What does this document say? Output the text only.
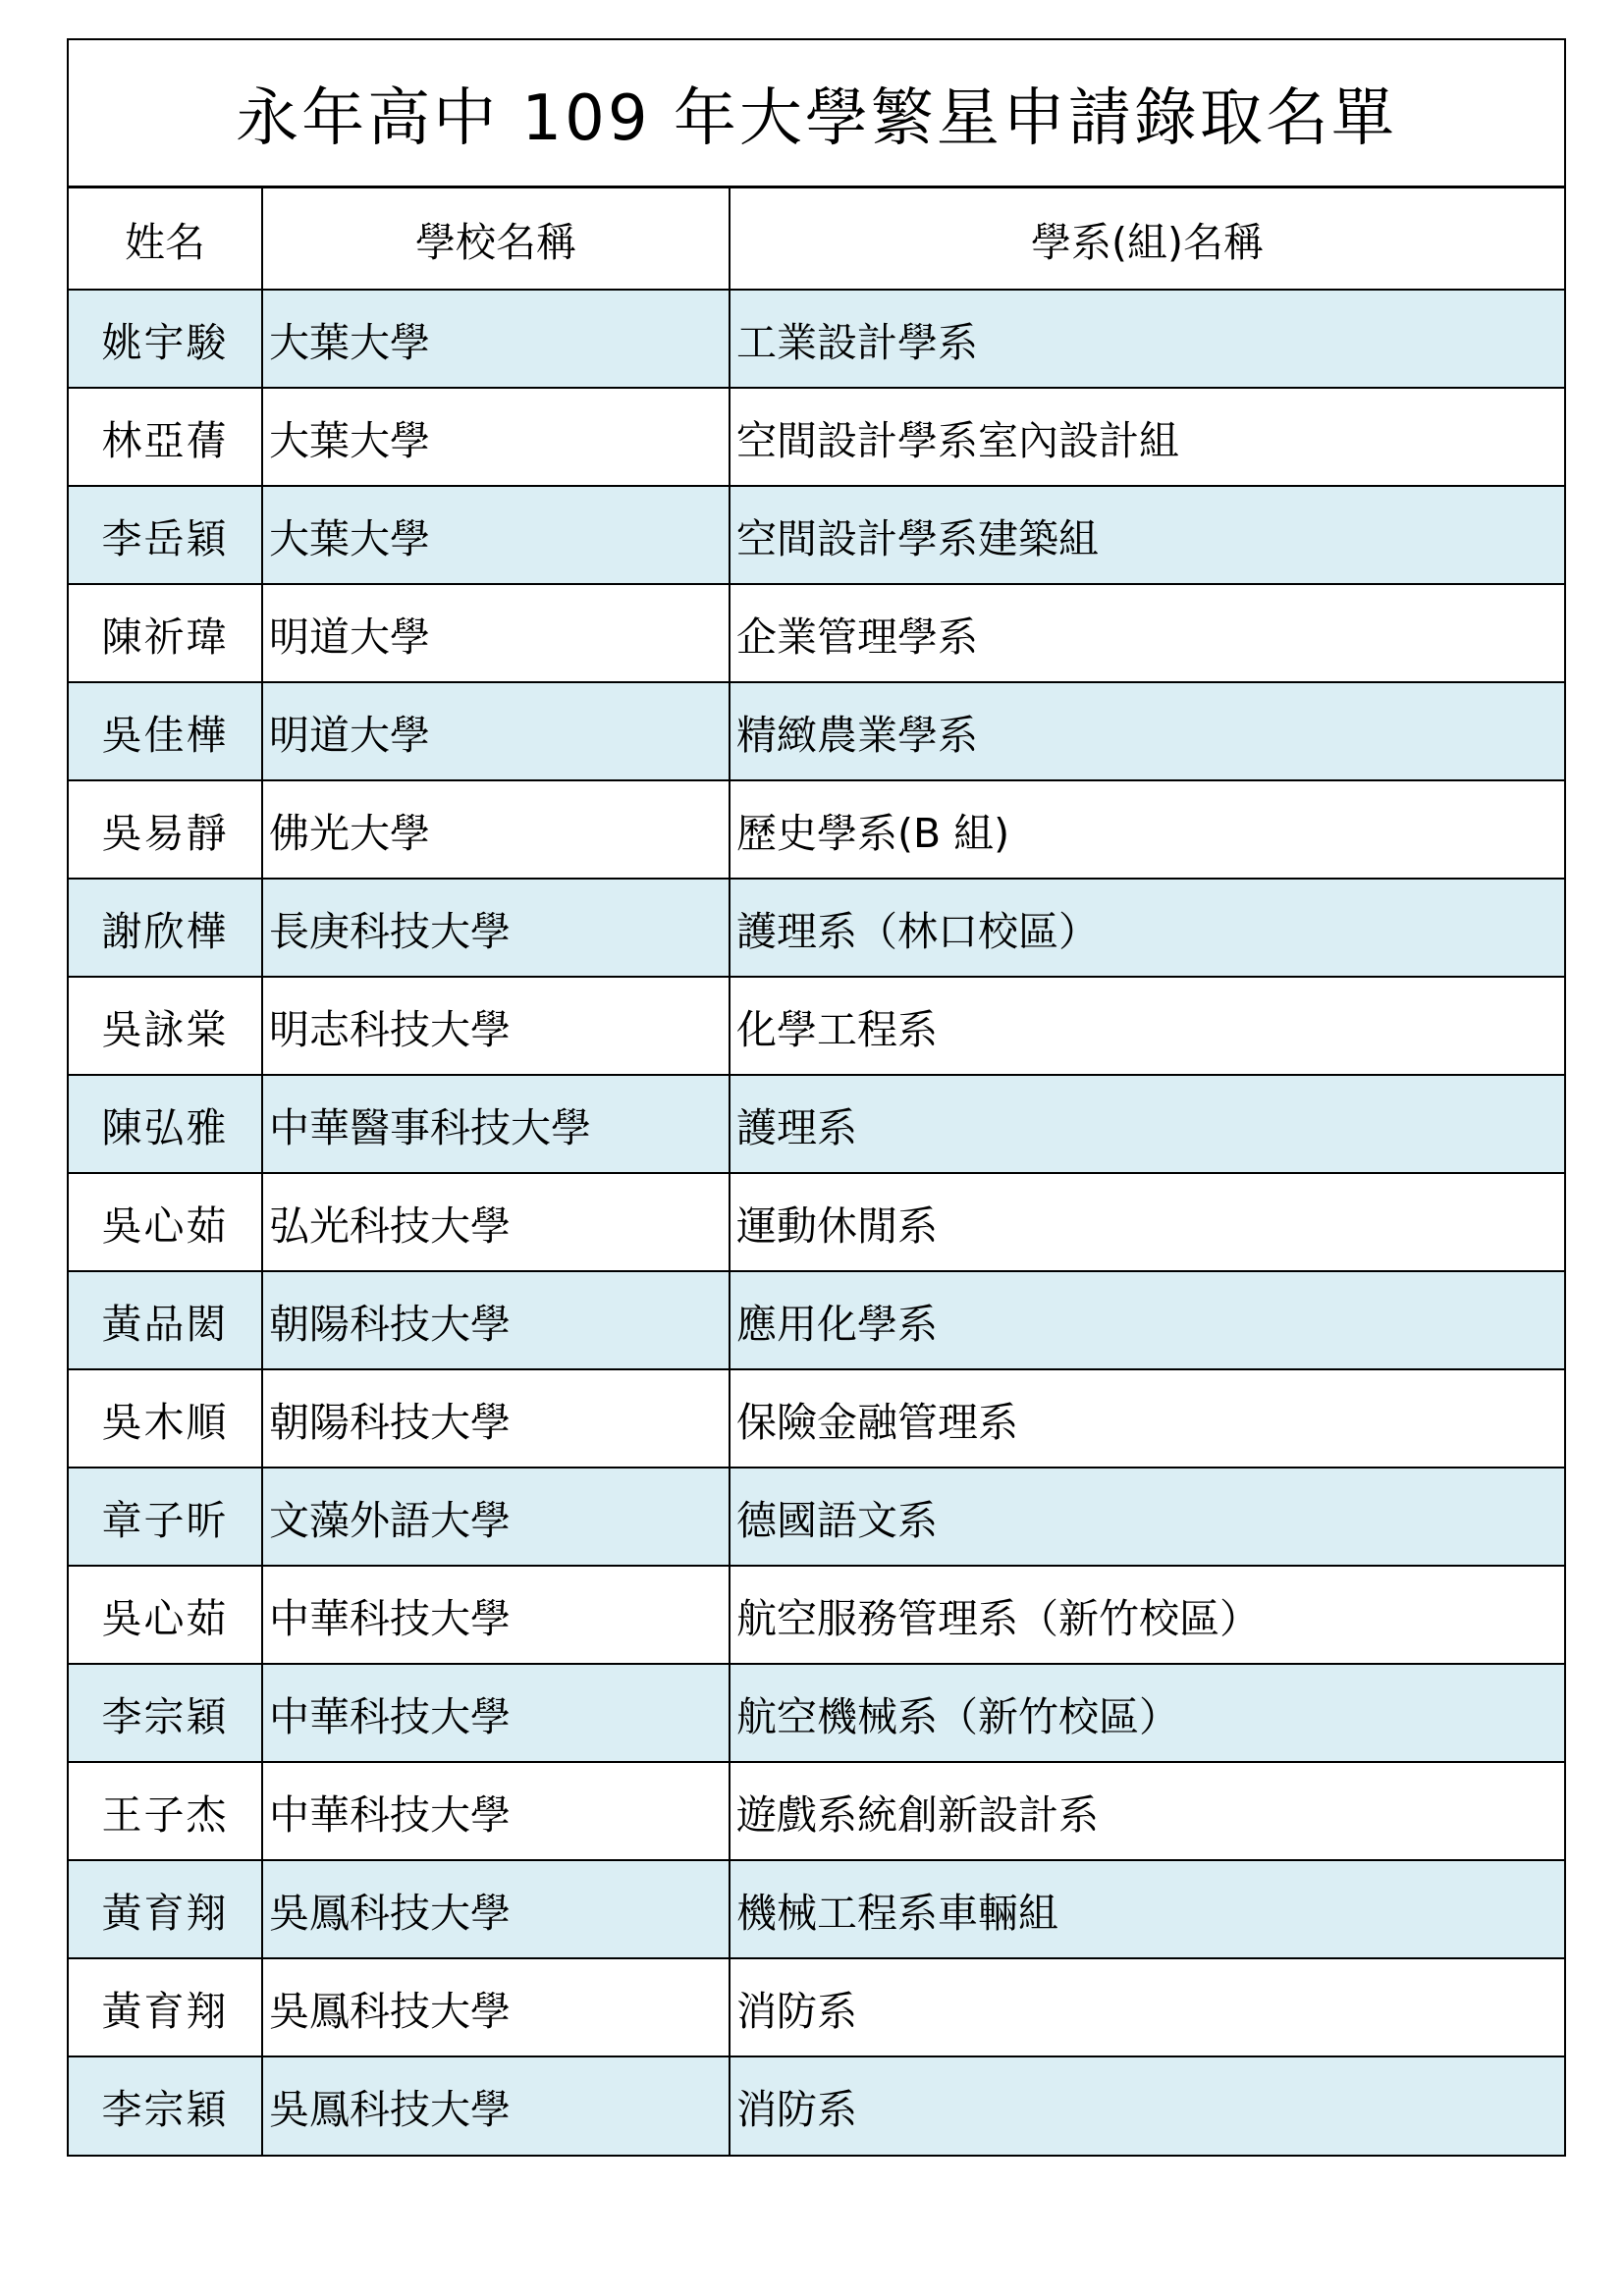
永年高中 109 年大學繁星申請錄取名單
姓名	學校名稱	學系(組)名稱
姚宇駿	大葉大學	工業設計學系
林亞蒨	大葉大學	空間設計學系室內設計組
李岳穎	大葉大學	空間設計學系建築組
陳祈瑋	明道大學	企業管理學系
吳佳樺	明道大學	精緻農業學系
吳易靜	佛光大學	歷史學系(B 組)
謝欣樺	長庚科技大學	護理系（林口校區）
吳詠棠	明志科技大學	化學工程系
陳弘雅	中華醫事科技大學	護理系
吳心茹	弘光科技大學	運動休閒系
黃品閎	朝陽科技大學	應用化學系
吳木順	朝陽科技大學	保險金融管理系
章子昕	文藻外語大學	德國語文系
吳心茹	中華科技大學	航空服務管理系（新竹校區）
李宗穎	中華科技大學	航空機械系（新竹校區）
王子杰	中華科技大學	遊戲系統創新設計系
黃育翔	吳鳳科技大學	機械工程系車輛組
黃育翔	吳鳳科技大學	消防系
李宗穎	吳鳳科技大學	消防系
